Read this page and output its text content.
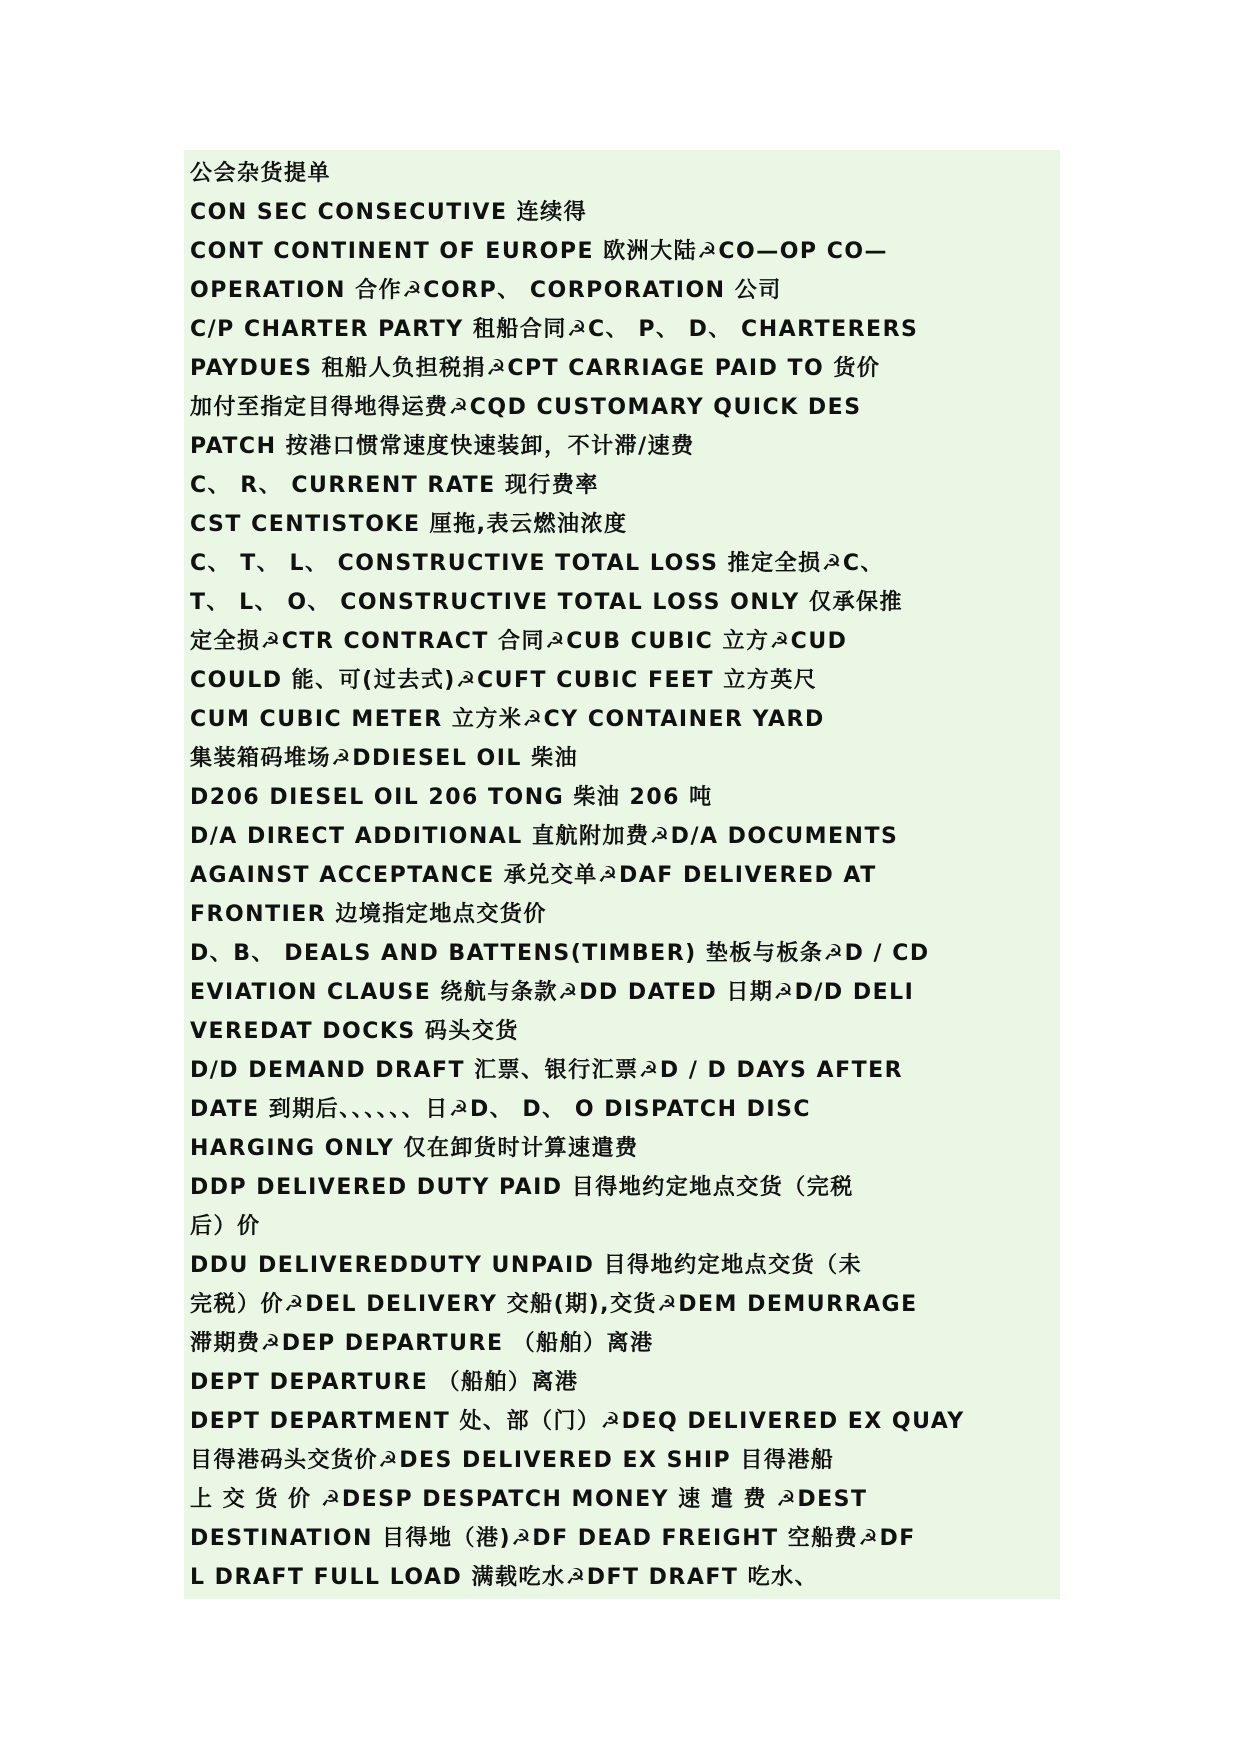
公会杂货提单
CON SEC CONSECUTIVE 连续得
CONT CONTINENT OF EUROPE 欧洲大陆☭CO—OP CO—
OPERATION 合作☭CORP、 CORPORATION 公司
C/P CHARTER PARTY 租船合同☭C、 P、 D、 CHARTERERS
PAYDUES 租船人负担税捐☭CPT CARRIAGE PAID TO 货价
加付至指定目得地得运费☭CQD CUSTOMARY QUICK DES
PATCH 按港口惯常速度快速装卸，不计滞/速费
C、 R、 CURRENT RATE 现行费率
CST CENTISTOKE 厘拖,表云燃油浓度
C、 T、 L、 CONSTRUCTIVE TOTAL LOSS 推定全损☭C、
T、 L、 O、 CONSTRUCTIVE TOTAL LOSS ONLY 仅承保推
定全损☭CTR CONTRACT 合同☭CUB CUBIC 立方☭CUD
COULD 能、可(过去式)☭CUFT CUBIC FEET 立方英尺
CUM CUBIC METER 立方米☭CY CONTAINER YARD
集装箱码堆场☭DDIESEL OIL 柴油
D206 DIESEL OIL 206 TONG 柴油 206 吨
D/A DIRECT ADDITIONAL 直航附加费☭D/A DOCUMENTS
AGAINST ACCEPTANCE 承兑交单☭DAF DELIVERED AT
FRONTIER 边境指定地点交货价
D、B、 DEALS AND BATTENS(TIMBER) 垫板与板条☭D / CD
EVIATION CLAUSE 绕航与条款☭DD DATED 日期☭D/D DELI
VEREDAT DOCKS 码头交货
D/D DEMAND DRAFT 汇票、银行汇票☭D / D DAYS AFTER
DATE 到期后、、、、、、日☭D、 D、 O DISPATCH DISC
HARGING ONLY 仅在卸货时计算速遣费
DDP DELIVERED DUTY PAID 目得地约定地点交货（完税
后）价
DDU DELIVEREDDUTY UNPAID 目得地约定地点交货（未
完税）价☭DEL DELIVERY 交船(期),交货☭DEM DEMURRAGE
滞期费☭DEP DEPARTURE （船舶）离港
DEPT DEPARTURE （船舶）离港
DEPT DEPARTMENT 处、部（门）☭DEQ DELIVERED EX QUAY
目得港码头交货价☭DES DELIVERED EX SHIP 目得港船
上 交 货 价 ☭DESP DESPATCH MONEY 速 遣 费 ☭DEST
DESTINATION 目得地（港)☭DF DEAD FREIGHT 空船费☭DF
L DRAFT FULL LOAD 满载吃水☭DFT DRAFT 吃水、
